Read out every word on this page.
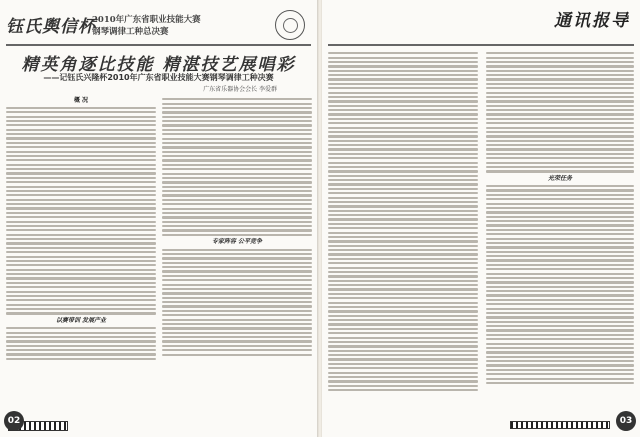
钰氏舆信杯
2010年广东省职业技能大赛
钢琴调律工种总决赛
精英角逐比技能 精湛技艺展唱彩
——记钰氏兴隆杯2010年广东省职业技能大赛钢琴调律工种决赛
广东省乐器协会会长 李爱群
概 况
以赛带训 发展产业
专家阵容 公平竞争
02
通讯报导
光荣任务
03
